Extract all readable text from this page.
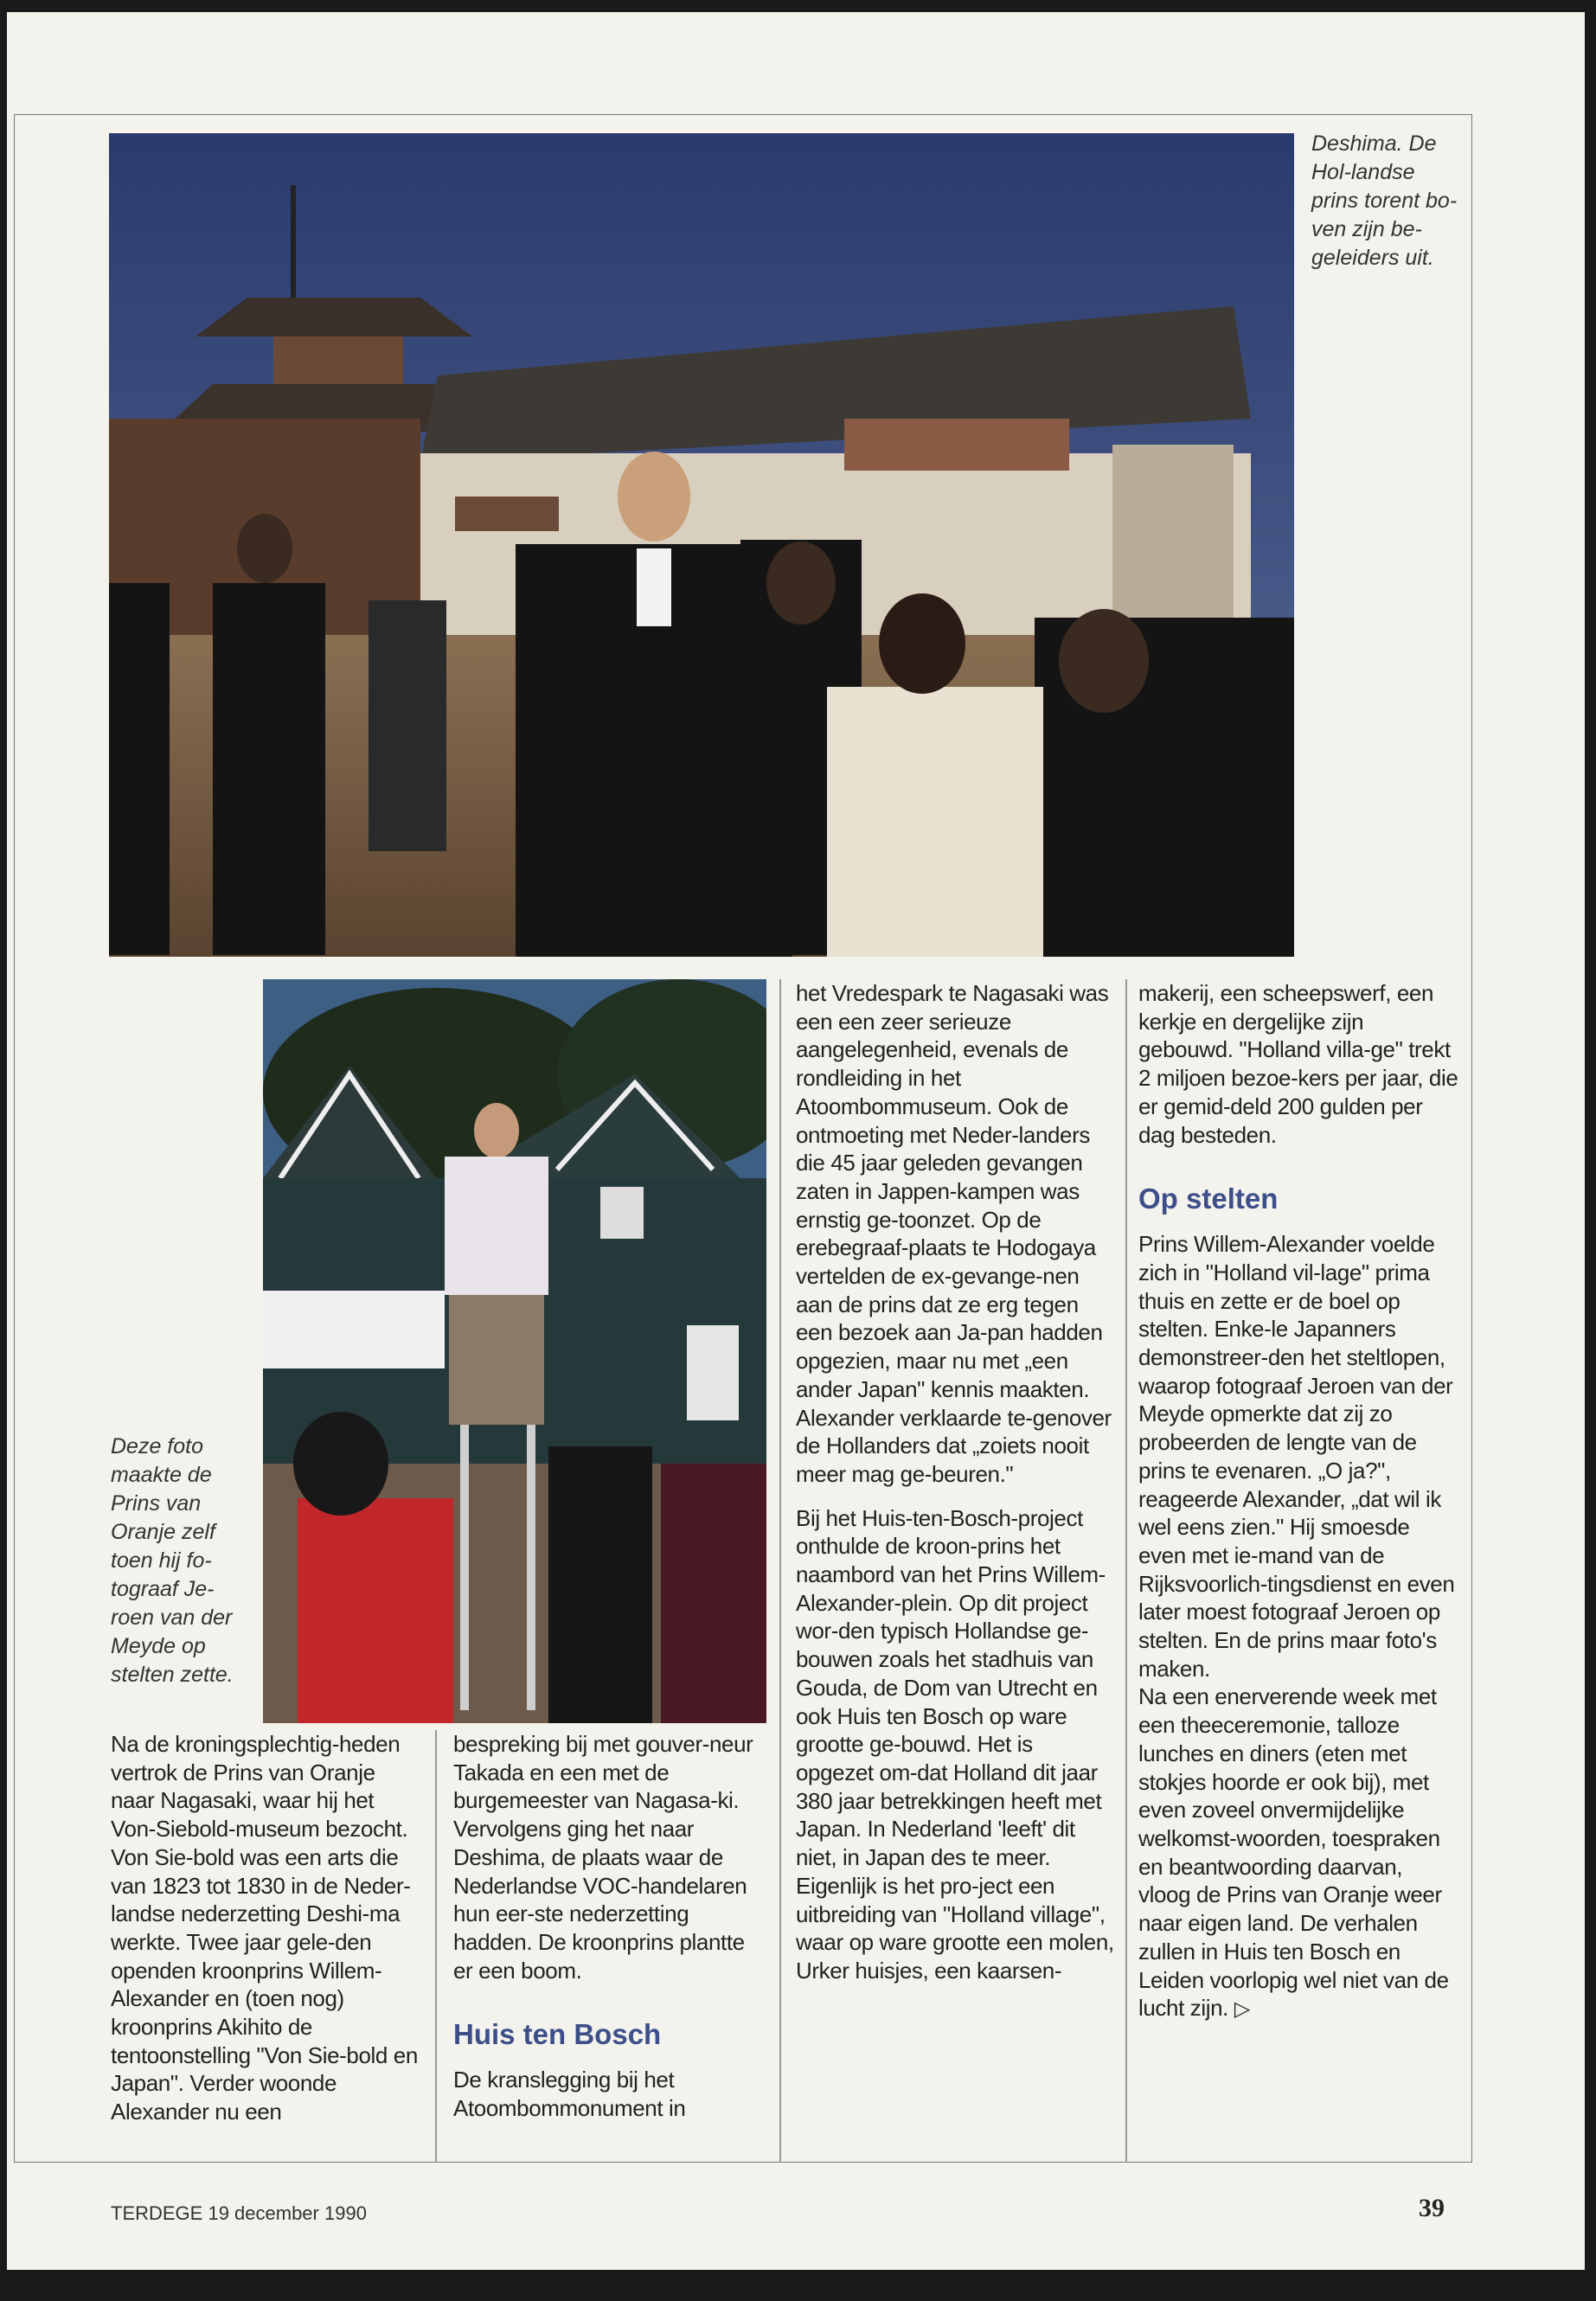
Deshima. De Hol-landse prins torent bo-ven zijn be-geleiders uit.

Deze foto maakte de Prins van Oranje zelf toen hij fo-tograaf Je-roen van der Meyde op stelten zette.

Na de kroningsplechtig-heden vertrok de Prins van Oranje naar Nagasaki, waar hij het Von-Siebold-museum bezocht. Von Sie-bold was een arts die van 1823 tot 1830 in de Neder-landse nederzetting Deshi-ma werkte. Twee jaar gele-den openden kroonprins Willem-Alexander en (toen nog) kroonprins Akihito de tentoonstelling "Von Sie-bold en Japan". Verder woonde Alexander nu een

bespreking bij met gouver-neur Takada en een met de burgemeester van Nagasa-ki. Vervolgens ging het naar Deshima, de plaats waar de Nederlandse VOC-handelaren hun eer-ste nederzetting hadden. De kroonprins plantte er een boom.

Huis ten Bosch

De kranslegging bij het Atoombommonument in

het Vredespark te Nagasaki was een een zeer serieuze aangelegenheid, evenals de rondleiding in het Atoombommuseum. Ook de ontmoeting met Neder-landers die 45 jaar geleden gevangen zaten in Jappen-kampen was ernstig ge-toonzet. Op de erebegraaf-plaats te Hodogaya vertelden de ex-gevange-nen aan de prins dat ze erg tegen een bezoek aan Ja-pan hadden opgezien, maar nu met „een ander Japan" kennis maakten. Alexander verklaarde te-genover de Hollanders dat „zoiets nooit meer mag ge-beuren."

Bij het Huis-ten-Bosch-project onthulde de kroon-prins het naambord van het Prins Willem-Alexander-plein. Op dit project wor-den typisch Hollandse ge-bouwen zoals het stadhuis van Gouda, de Dom van Utrecht en ook Huis ten Bosch op ware grootte ge-bouwd. Het is opgezet om-dat Holland dit jaar 380 jaar betrekkingen heeft met Japan. In Nederland 'leeft' dit niet, in Japan des te meer. Eigenlijk is het pro-ject een uitbreiding van "Holland village", waar op ware grootte een molen, Urker huisjes, een kaarsen-

makerij, een scheepswerf, een kerkje en dergelijke zijn gebouwd. "Holland villa-ge" trekt 2 miljoen bezoe-kers per jaar, die er gemid-deld 200 gulden per dag besteden.

Op stelten

Prins Willem-Alexander voelde zich in "Holland vil-lage" prima thuis en zette er de boel op stelten. Enke-le Japanners demonstreer-den het steltlopen, waarop fotograaf Jeroen van der Meyde opmerkte dat zij zo probeerden de lengte van de prins te evenaren. „O ja?", reageerde Alexander, „dat wil ik wel eens zien." Hij smoesde even met ie-mand van de Rijksvoorlich-tingsdienst en even later moest fotograaf Jeroen op stelten. En de prins maar foto's maken.

Na een enerverende week met een theeceremonie, talloze lunches en diners (eten met stokjes hoorde er ook bij), met even zoveel onvermijdelijke welkomst-woorden, toespraken en beantwoording daarvan, vloog de Prins van Oranje weer naar eigen land. De verhalen zullen in Huis ten Bosch en Leiden voorlopig wel niet van de lucht zijn. ▷

TERDEGE 19 december 1990	39
